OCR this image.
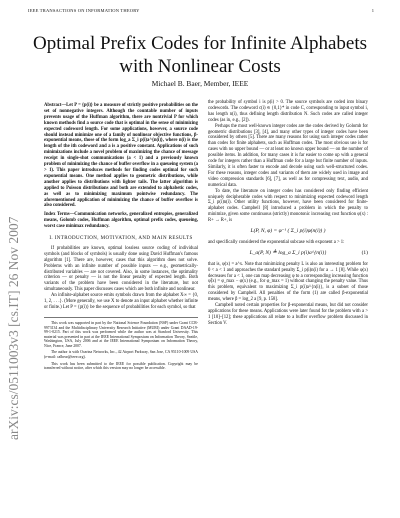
IEEE TRANSACTIONS ON INFORMATION THEORY	1
Optimal Prefix Codes for Infinite Alphabets with Nonlinear Costs
Michael B. Baer, Member, IEEE
arXiv:cs/0511003v3 [cs.IT] 26 Nov 2007
Abstract—Let P = {p(i)} be a measure of strictly positive probabilities on the set of nonnegative integers. Although the countable number of inputs prevents usage of the Huffman algorithm, there are nontrivial P for which known methods find a source code that is optimal in the sense of minimizing expected codeword length. For some applications, however, a source code should instead minimize one of a family of nonlinear objective functions, β-exponential means, those of the form log_a Σ_i p(i)a^{n(i)}, where n(i) is the length of the ith codeword and a is a positive constant. Applications of such minimizations include a novel problem of maximizing the chance of message receipt in single-shot communications (a < 1) and a previously known problem of minimizing the chance of buffer overflow in a queueing system (a > 1). This paper introduces methods for finding codes optimal for such exponential means. One method applies to geometric distributions, while another applies to distributions with lighter tails. The latter algorithm is applied to Poisson distributions and both are extended to alphabetic codes, as well as to minimizing maximum pointwise redundancy. The aforementioned application of minimizing the chance of buffer overflow is also considered.
Index Terms—Communication networks, generalized entropies, generalized means, Golomb codes, Huffman algorithm, optimal prefix codes, queueing, worst case minimax redundancy.
I. INTRODUCTION, MOTIVATION, AND MAIN RESULTS

If probabilities are known, optimal lossless source coding of individual symbols (and blocks of symbols) is usually done using David Huffman's famous algorithm [1]. There are, however, cases that this algorithm does not solve. Problems with an infinite number of possible inputs — e.g., geometrically-distributed variables — are not covered. Also, in some instances, the optimality criterion — or penalty — is not the linear penalty of expected length. Both variants of the problem have been considered in the literature, but not simultaneously. This paper discusses cases which are both infinite and nonlinear.

An infinite-alphabet source emits symbols drawn from the alphabet X∞ = {0, 1, 2, . . .}. (More generally, we use X to denote an input alphabet whether infinite or finite.) Let P = {p(i)} be the sequence of probabilities for each symbol, so that

This work was supported in part by the National Science Foundation (NSF) under Grant CCR-9973134 and the Multidisciplinary University Research Initiative (MURI) under Grant DAAD-19-99-1-0215. Part of this work was performed while the author was at Stanford University. This material was presented in part at the IEEE International Symposium on Information Theory, Seattle, Washington, USA, July 2006 and at the IEEE International Symposium on Information Theory, Nice, France, June 2007.

The author is with Ocarina Networks, Inc., 42 Airport Parkway, San Jose, CA 95110-1009 USA (e-mail: calbear@ieee.org).

This work has been submitted to the IEEE for possible publication. Copyright may be transferred without notice, after which this version may no longer be accessible.

the probability of symbol i is p(i) > 0. The source symbols are coded into binary codewords. The codeword c(i) ∈ {0,1}* in code C, corresponding to input symbol i, has length n(i), thus defining length distribution N. Such codes are called integer codes (as in, e.g., [2]).

Perhaps the most well-known integer codes are the codes derived by Golomb for geometric distributions [3], [4], and many other types of integer codes have been considered by others [5]. There are many reasons for using such integer codes rather than codes for finite alphabets, such as Huffman codes. The most obvious use is for cases with no upper bound — or at least no known upper bound — on the number of possible items. In addition, for many cases it is far easier to come up with a general code for integers rather than a Huffman code for a large but finite number of inputs. Similarly, it is often faster to encode and decode using such well-structured codes. For these reasons, integer codes and variants of them are widely used in image and video compression standards [6], [7], as well as for compressing text, audio, and numerical data.

To date, the literature on integer codes has considered only finding efficient uniquely decipherable codes with respect to minimizing expected codeword length Σ_i p(i)n(i). Other utility functions, however, have been considered for finite-alphabet codes. Campbell [8] introduced a problem in which the penalty to minimize, given some continuous (strictly) monotonic increasing cost function φ(x) : R+ → R+, is

L(P, N, φ) = φ⁻¹ ( Σ_i p(i)φ(n(i)) )

and specifically considered the exponential subcase with exponent a > 1:

L_a(P, N) ≜ log_a Σ_i p(i)a^{n(i)}	(1)

that is, φ(x) = a^x. Note that minimizing penalty L is also an interesting problem for 0 < a < 1 and approaches the standard penalty Σ_i p(i)n(i) for a → 1 [8]. While φ(x) decreases for a < 1, one can map decreasing φ to a corresponding increasing function φ̃(x) = φ_max − φ(x) (e.g., for φ_max = 1) without changing the penalty value. Thus this problem, equivalent to maximizing Σ_i p(i)a^{n(i)}, is a subset of those considered by Campbell. All penalties of the form (1) are called β-exponential means, where β = log_2 a [9, p. 158].

Campbell noted certain properties for β-exponential means, but did not consider applications for these means. Applications were later found for the problem with a > 1 [10]–[12]; these applications all relate to a buffer overflow problem discussed in Section V.
